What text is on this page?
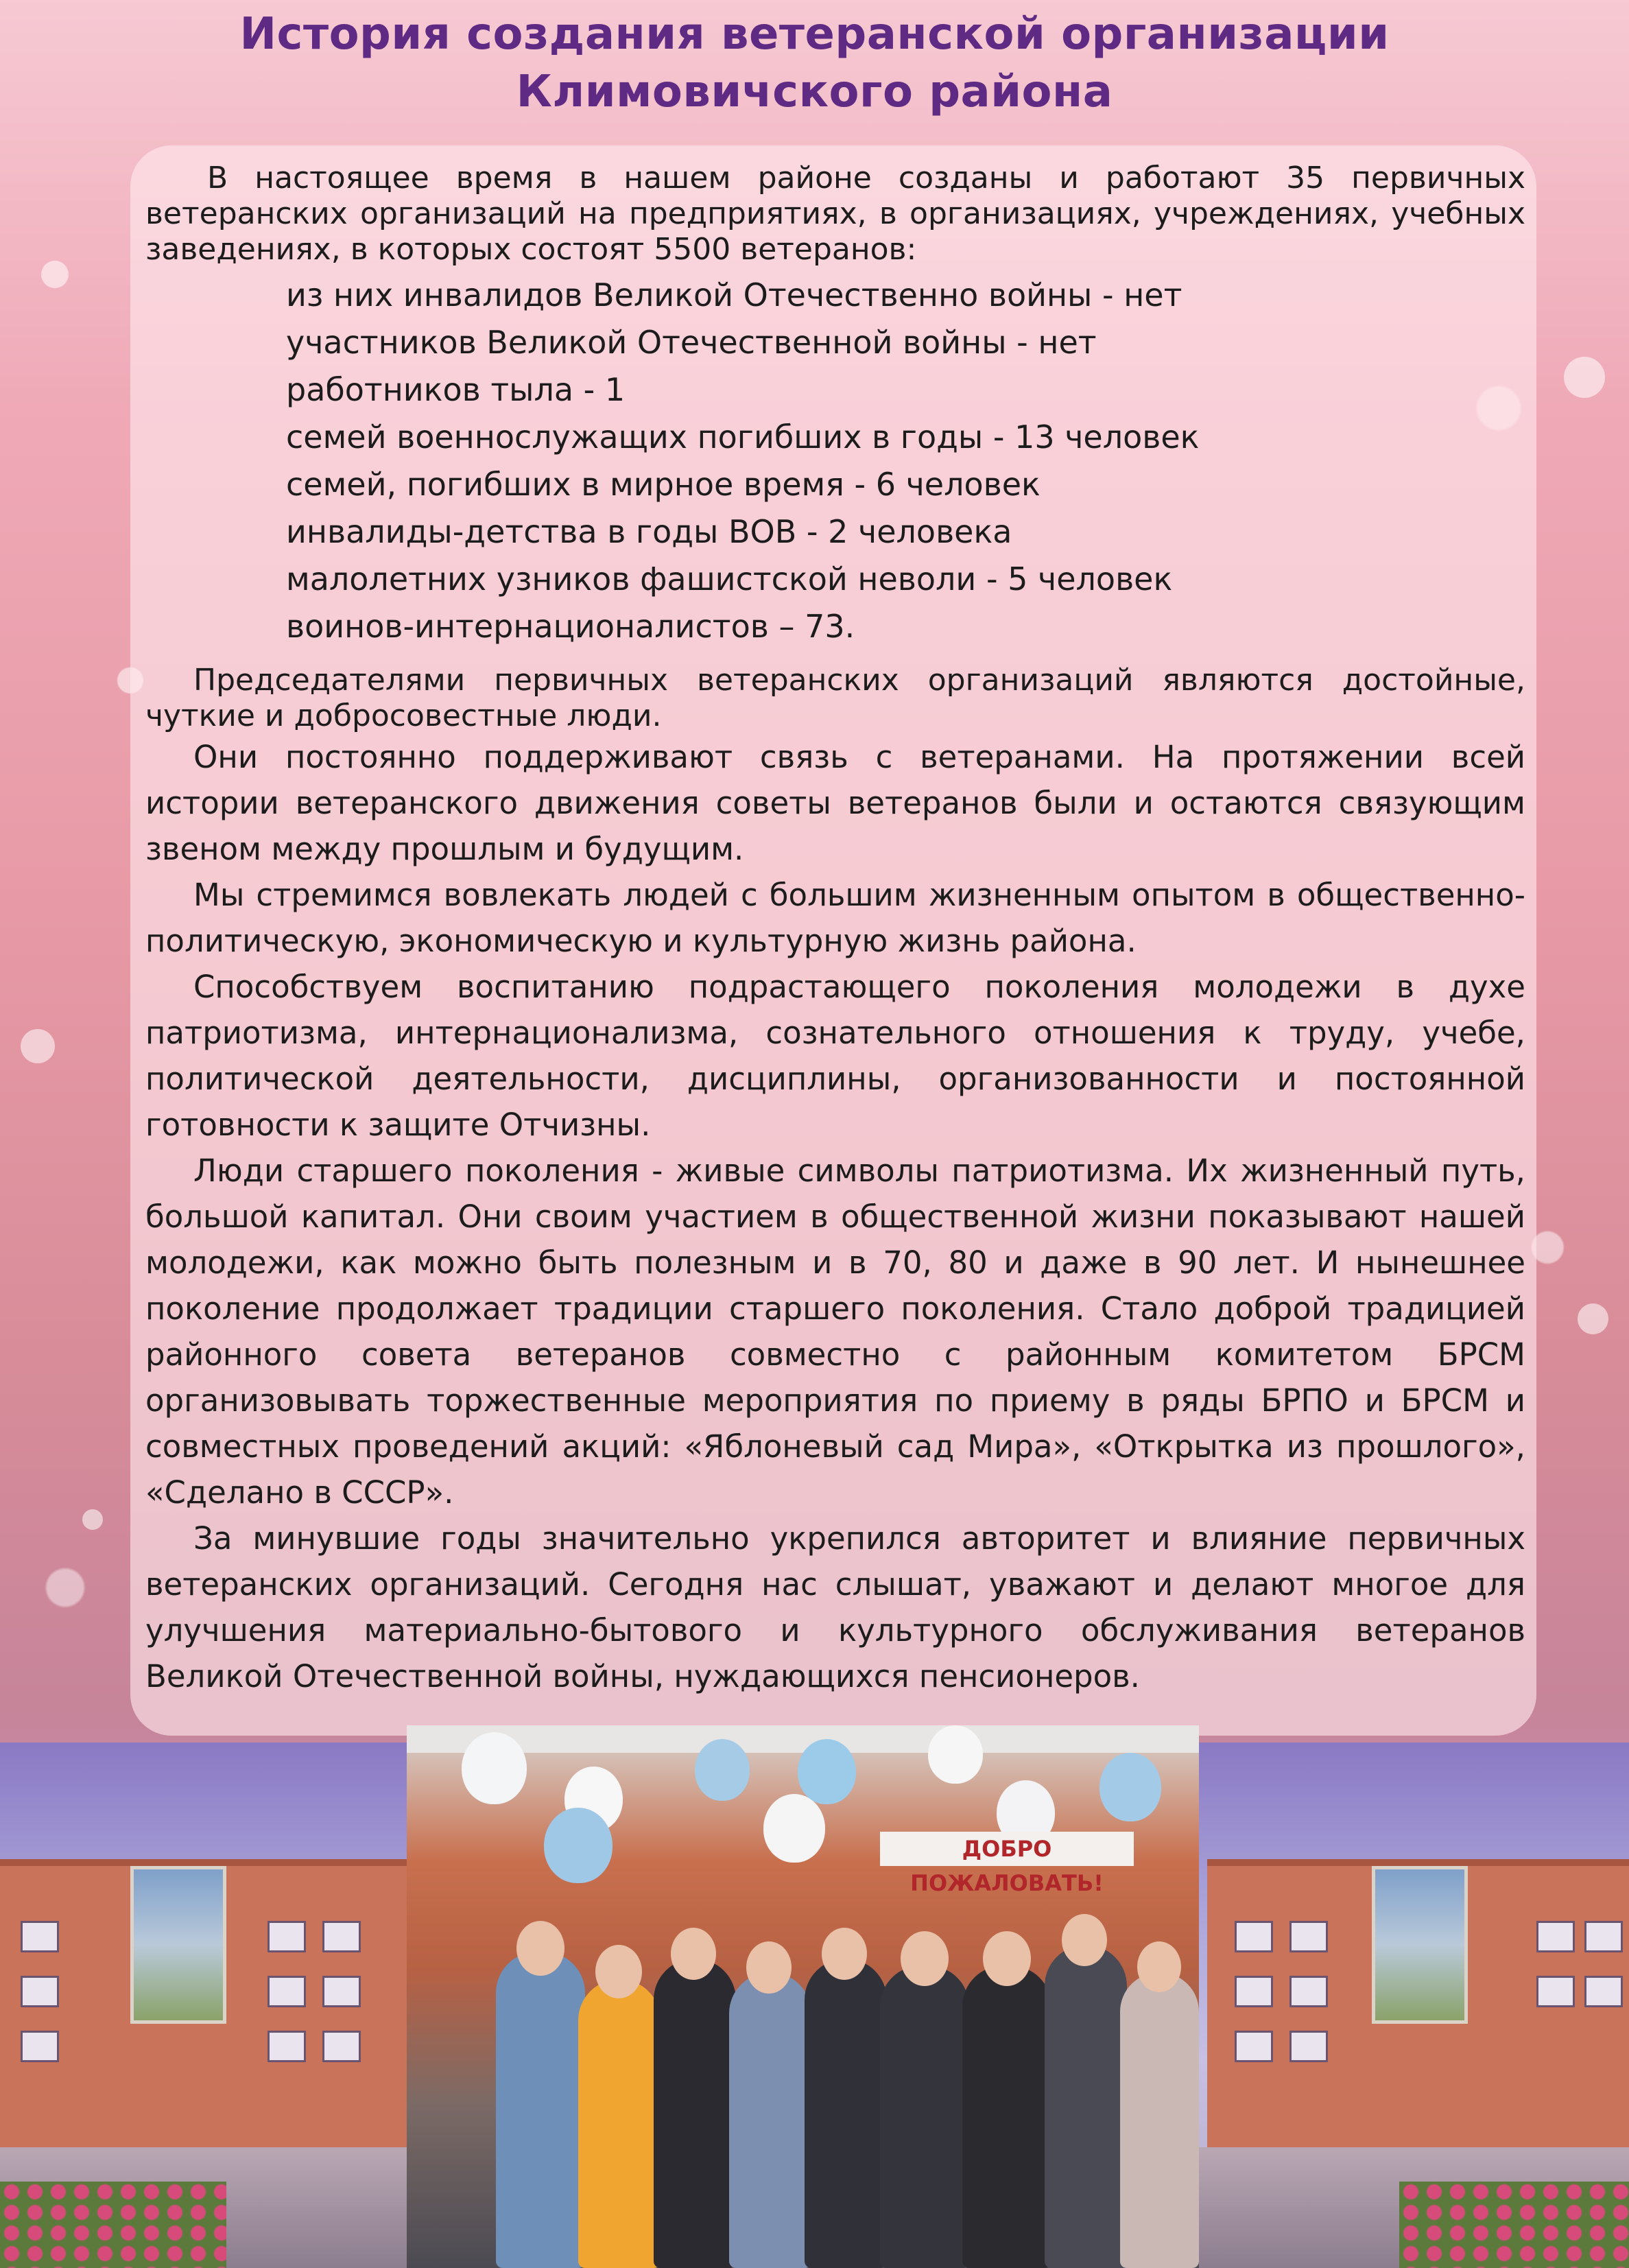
История создания ветеранской организации
Климовичского района

В настоящее время в нашем районе созданы и работают 35 первичных ветеранских организаций на предприятиях, в организациях, учреждениях, учебных заведениях, в которых состоят 5500 ветеранов:

из них инвалидов Великой Отечественно войны - нет
участников Великой Отечественной войны - нет
работников тыла - 1
семей военнослужащих погибших в годы - 13 человек
семей, погибших в мирное время - 6 человек
инвалиды-детства в годы ВОВ - 2 человека
малолетних узников фашистской неволи - 5 человек
воинов-интернационалистов – 73.

Председателями первичных ветеранских организаций являются достойные, чуткие и добросовестные люди.

Они постоянно поддерживают связь с ветеранами. На протяжении всей истории ветеранского движения советы ветеранов были и остаются связующим звеном между прошлым и будущим.

Мы стремимся вовлекать людей с большим жизненным опытом в общественно-политическую, экономическую и культурную жизнь района.

Способствуем воспитанию подрастающего поколения молодежи в духе патриотизма, интернационализма, сознательного отношения к труду, учебе, политической деятельности, дисциплины, организованности и постоянной готовности к защите Отчизны.

Люди старшего поколения - живые символы патриотизма. Их жизненный путь, большой капитал. Они своим участием в общественной жизни показывают нашей молодежи, как можно быть полезным и в 70, 80 и даже в 90 лет. И нынешнее поколение продолжает традиции старшего поколения. Стало доброй традицией районного совета ветеранов совместно с районным комитетом БРСМ организовывать торжественные мероприятия по приему в ряды БРПО и БРСМ и совместных проведений акций: «Яблоневый сад Мира», «Открытка из прошлого», «Сделано в СССР».

За минувшие годы значительно укрепился авторитет и влияние первичных ветеранских организаций. Сегодня нас слышат, уважают и делают многое для улучшения материально-бытового и культурного обслуживания ветеранов Великой Отечественной войны, нуждающихся пенсионеров.

ДОБРО ПОЖАЛОВАТЬ!
